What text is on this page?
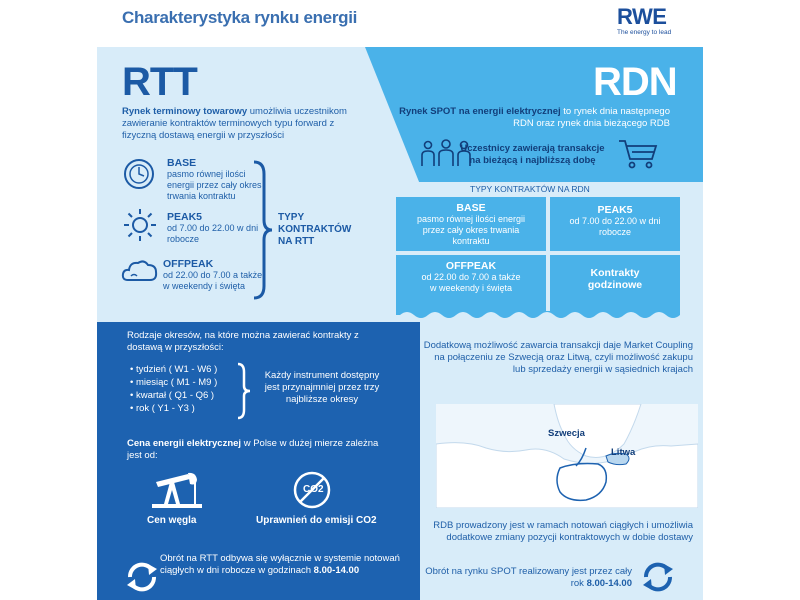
Charakterystyka rynku energii	RWE
The energy to lead
RTT
Rynek terminowy towarowy umożliwia uczestnikom zawieranie kontraktów terminowych typu forward z fizyczną dostawą energii w przyszłości
BASE
pasmo równej ilości energii przez cały okres trwania kontraktu
PEAK5
od 7.00 do 22.00 w dni robocze
OFFPEAK
od 22.00 do 7.00 a także w weekendy i święta
TYPY KONTRAKTÓW NA RTT
RDN
Rynek SPOT na energii elektrycznej to rynek dnia następnego RDN oraz rynek dnia bieżącego RDB
Uczestnicy zawierają transakcje na bieżącą i najbliższą dobę
TYPY KONTRAKTÓW NA RDN
BASE
pasmo równej ilości energii przez cały okres trwania kontraktu
PEAK5
od 7.00 do 22.00 w dni robocze
OFFPEAK
od 22.00 do 7.00 a także w weekendy i święta
Kontrakty godzinowe
Dodatkową możliwość zawarcia transakcji daje Market Coupling na połączeniu ze Szwecją oraz Litwą, czyli możliwość zakupu lub sprzedaży energii w sąsiednich krajach
Szwecja
Litwa
RDB prowadzony jest w ramach notowań ciągłych i umożliwia dodatkowe zmiany pozycji kontraktowych w dobie dostawy
Obrót na rynku SPOT realizowany jest przez cały rok 8.00-14.00
Rodzaje okresów, na które można zawierać kontrakty z dostawą w przyszłości:
• tydzień ( W1 - W6 )
• miesiąc ( M1 - M9 )
• kwartał ( Q1 - Q6 )
• rok ( Y1 - Y3 )
Każdy instrument dostępny jest przynajmniej przez trzy najbliższe okresy
Cena energii elektrycznej w Polse w dużej mierze zależna jest od:
Cen węgla
CO2
Uprawnień do emisji CO2
Obrót na RTT odbywa się wyłącznie w systemie notowań ciągłych w dni robocze w godzinach 8.00-14.00
